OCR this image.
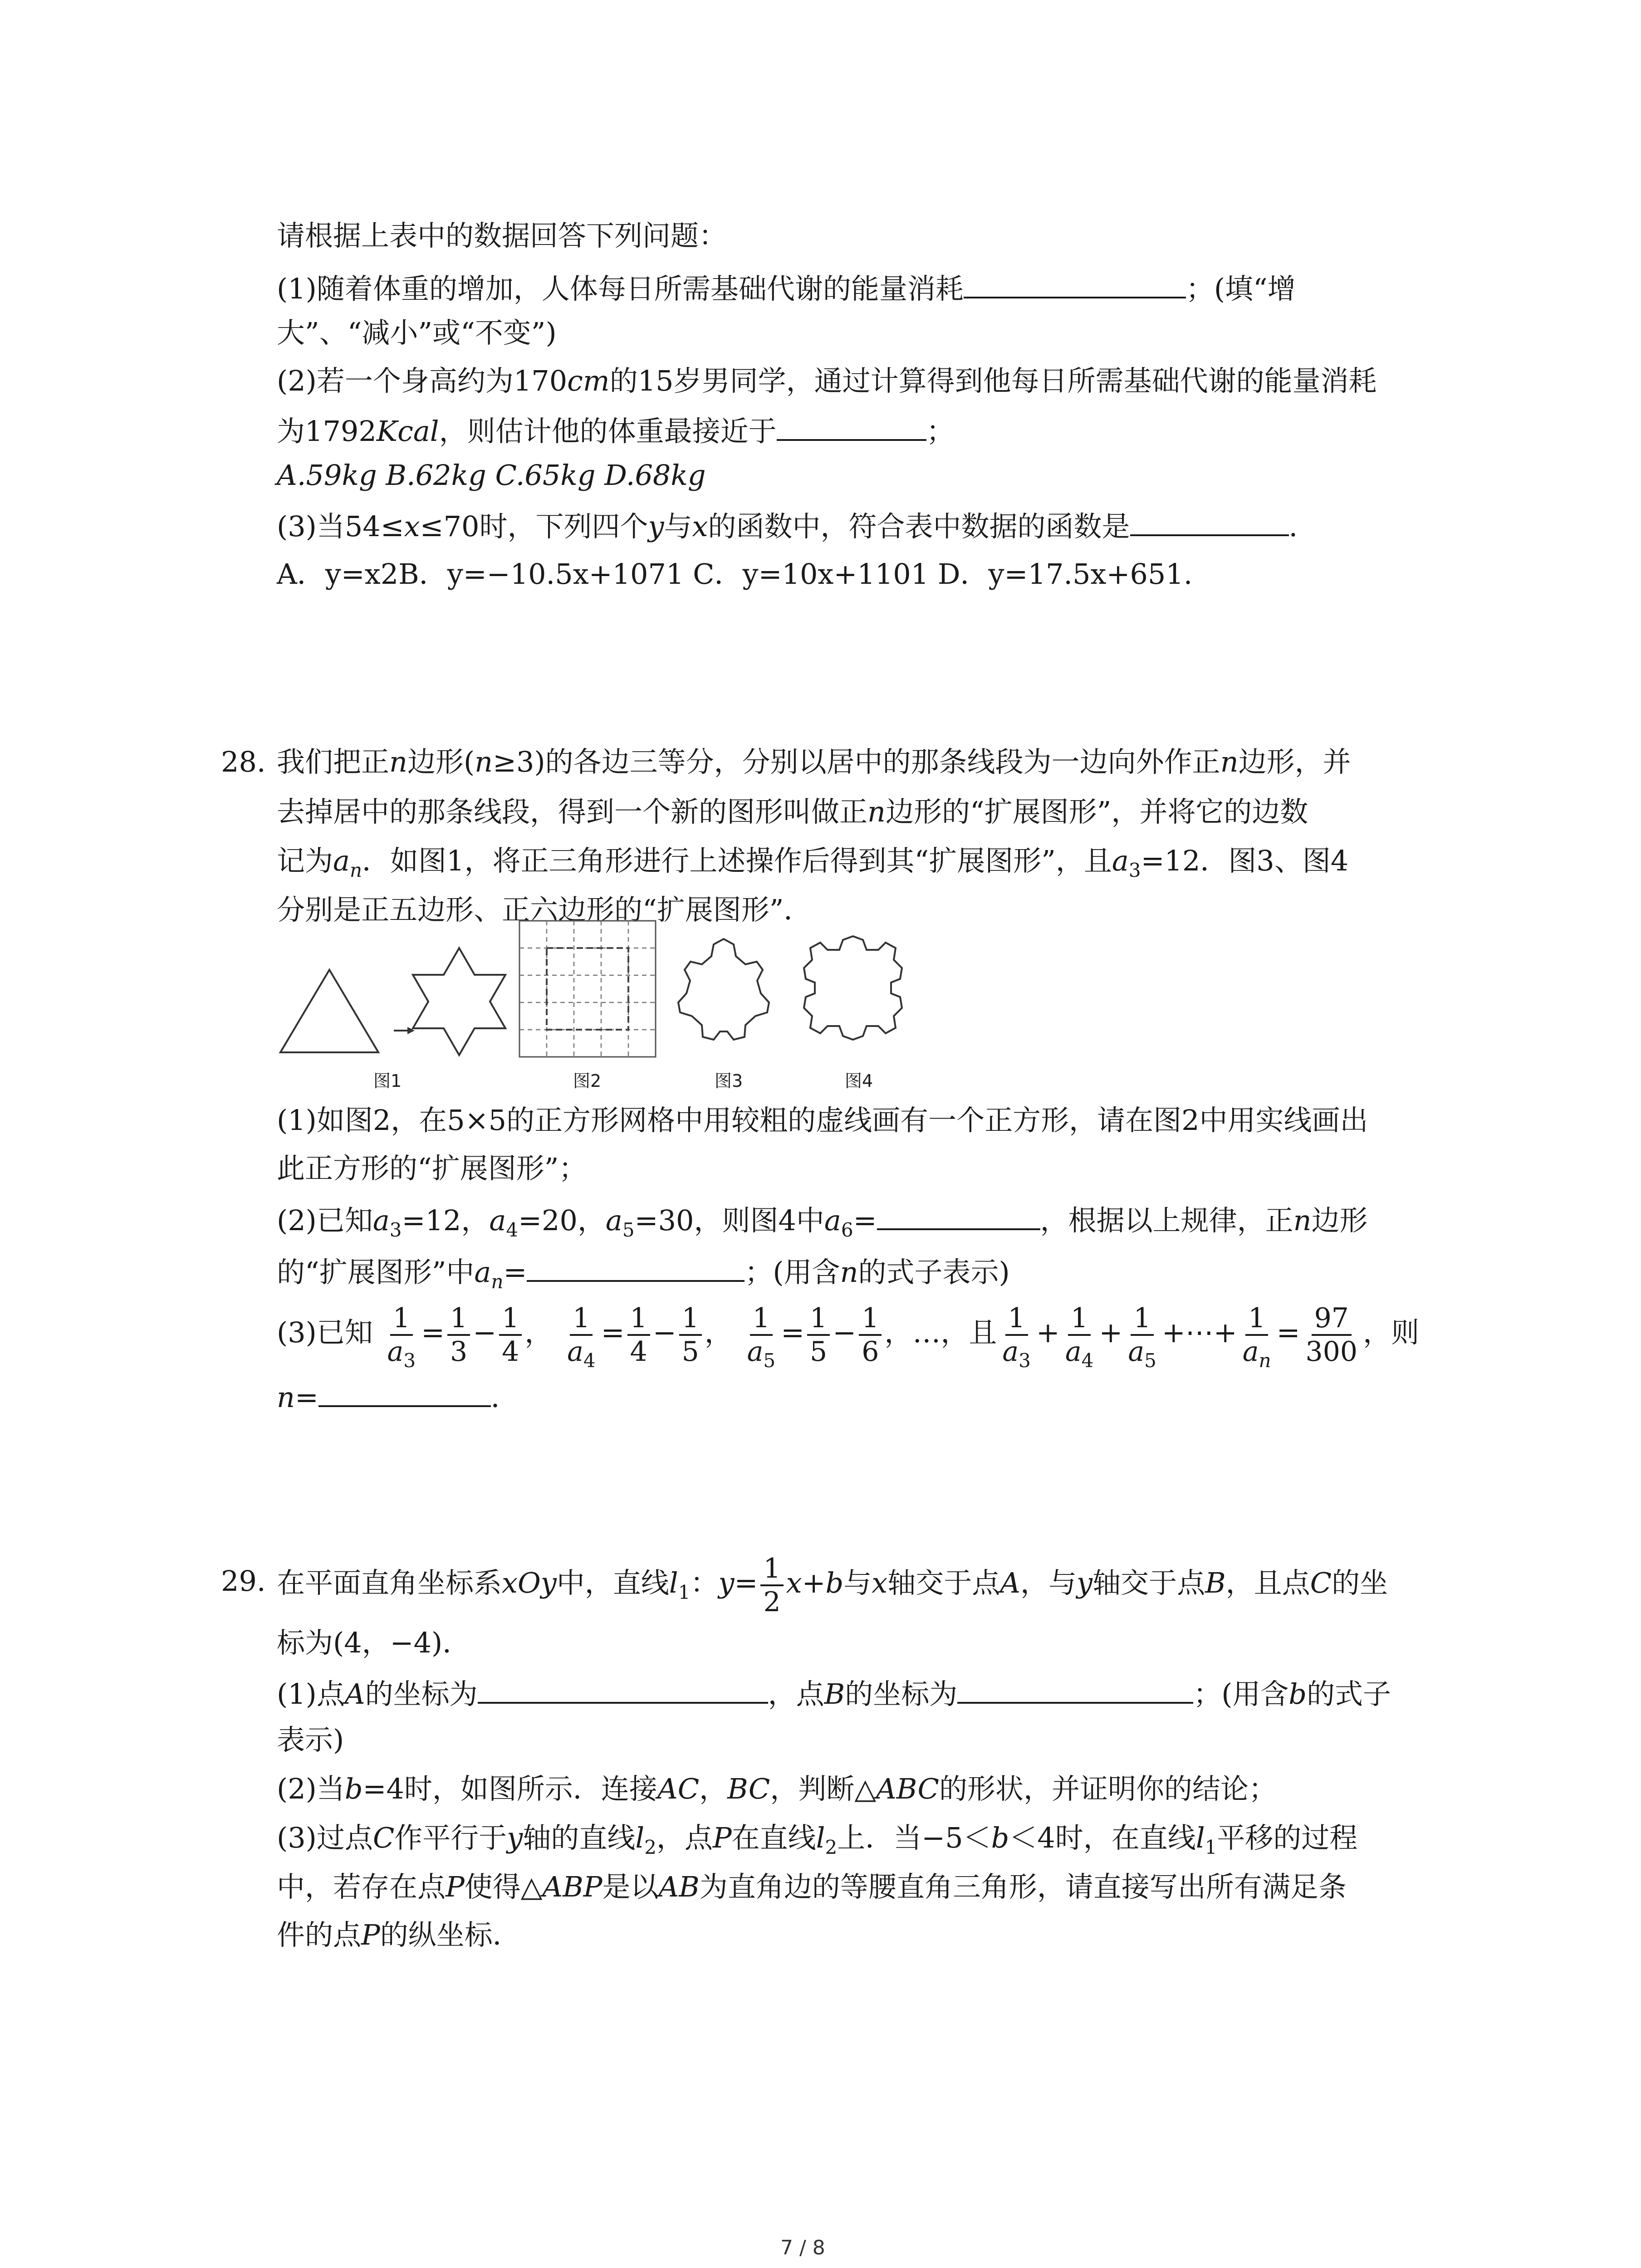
请根据上表中的数据回答下列问题：
(1)随着体重的增加，人体每日所需基础代谢的能量消耗	；(填“增
大”、“减小”或“不变”)
(2)若一个身高约为170cm的15岁男同学，通过计算得到他每日所需基础代谢的能量消耗
为1792Kcal，则估计他的体重最接近于	；
A.59kg B.62kg C.65kg D.68kg
(3)当54≤x≤70时，下列四个y与x的函数中，符合表中数据的函数是	.
A．y=x2B．y=−10.5x+1071 C．y=10x+1101 D．y=17.5x+651.
28. 我们把正n边形(n≥3)的各边三等分，分别以居中的那条线段为一边向外作正n边形，并
去掉居中的那条线段，得到一个新的图形叫做正n边形的“扩展图形”，并将它的边数
记为$a_n$．如图1，将正三角形进行上述操作后得到其“扩展图形”，且$a_3=12$．图3、图4
分别是正五边形、正六边形的“扩展图形”．
图1	图2	图3	图4
(1)如图2，在5×5的正方形网格中用较粗的虚线画有一个正方形，请在图2中用实线画出
此正方形的“扩展图形”；
(2)已知$a_3=12$，$a_4=20$，$a_5=30$，则图4中$a_6=$	，根据以上规律，正n边形
的“扩展图形”中$a_n=$	；(用含n的式子表示)
(3)已知 $\frac{1}{a_3} = \frac{1}{3} - \frac{1}{4}$ ， $\frac{1}{a_4} = \frac{1}{4} - \frac{1}{5}$ ， $\frac{1}{a_5} = \frac{1}{5} - \frac{1}{6}$ ，…，且 $\frac{1}{a_3} + \frac{1}{a_4} + \frac{1}{a_5}$ +⋯+ $\frac{1}{a_n} = \frac{97}{300}$ ，则
n=	．
29. 在平面直角坐标系xOy中，直线$l_1$：$y= \frac{1}{2} x+b$与x轴交于点A，与y轴交于点B，且点C的坐
标为(4，−4)．
(1)点A的坐标为	，点B的坐标为	；(用含b的式子
表示)
(2)当b=4时，如图所示．连接AC，BC，判断△ABC的形状，并证明你的结论；
(3)过点C作平行于y轴的直线$l_2$，点P在直线$l_2$上．当−5＜b＜4时，在直线$l_1$平移的过程
中，若存在点P使得△ABP是以AB为直角边的等腰直角三角形，请直接写出所有满足条
件的点P的纵坐标．
7 / 8
